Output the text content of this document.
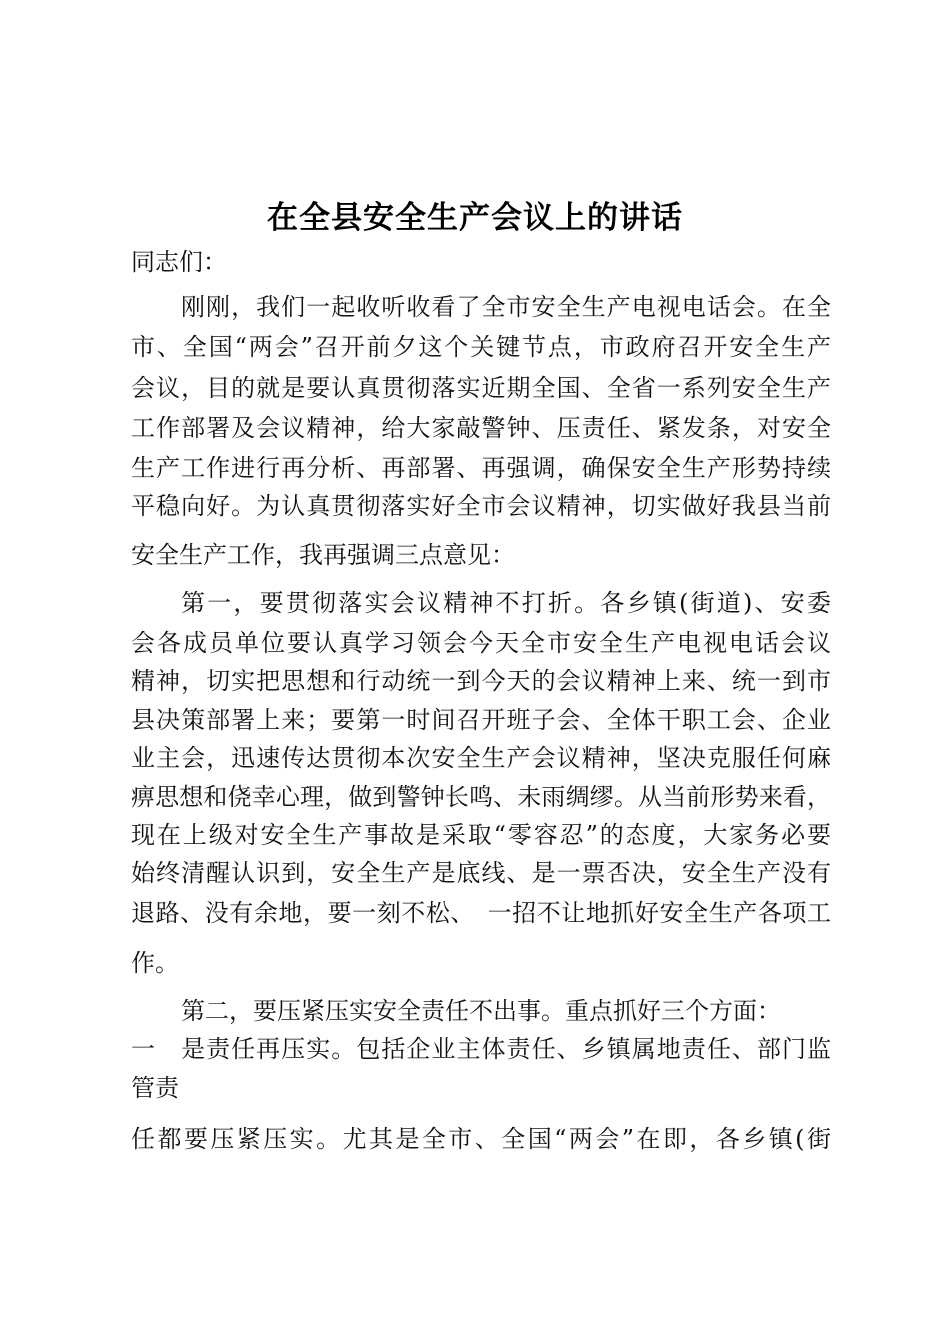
在全县安全生产会议上的讲话
同志们：
刚刚，我们一起收听收看了全市安全生产电视电话会。在全
市、全国“两会”召开前夕这个关键节点，市政府召开安全生产
会议，目的就是要认真贯彻落实近期全国、全省一系列安全生产
工作部署及会议精神，给大家敲警钟、压责任、紧发条，对安全
生产工作进行再分析、再部署、再强调，确保安全生产形势持续
平稳向好。为认真贯彻落实好全市会议精神，切实做好我县当前
安全生产工作，我再强调三点意见：
第一，要贯彻落实会议精神不打折。各乡镇(街道)、安委
会各成员单位要认真学习领会今天全市安全生产电视电话会议
精神，切实把思想和行动统一到今天的会议精神上来、统一到市
县决策部署上来；要第一时间召开班子会、全体干职工会、企业
业主会，迅速传达贯彻本次安全生产会议精神，坚决克服任何麻
痹思想和侥幸心理，做到警钟长鸣、未雨绸缪。从当前形势来看，
现在上级对安全生产事故是采取“零容忍”的态度，大家务必要
始终清醒认识到，安全生产是底线、是一票否决，安全生产没有
退路、没有余地，要一刻不松、　一招不让地抓好安全生产各项工
作。
第二，要压紧压实安全责任不出事。重点抓好三个方面：
一　是责任再压实。包括企业主体责任、乡镇属地责任、部门监
管责
任都要压紧压实。尤其是全市、全国“两会”在即，各乡镇(街
